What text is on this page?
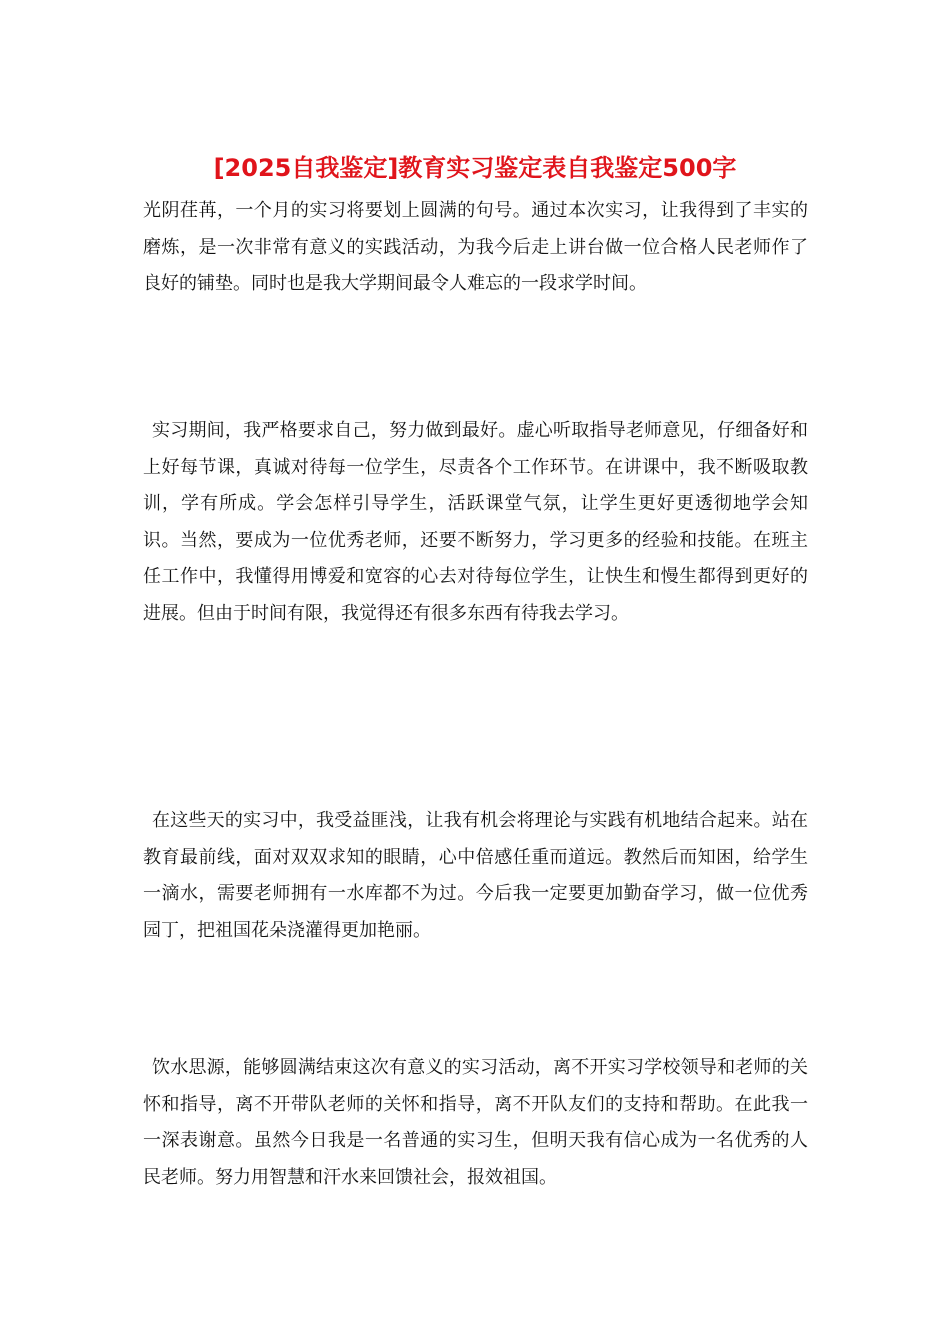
[2025自我鉴定]教育实习鉴定表自我鉴定500字

光阴荏苒，一个月的实习将要划上圆满的句号。通过本次实习，让我得到了丰实的磨炼，是一次非常有意义的实践活动，为我今后走上讲台做一位合格人民老师作了良好的铺垫。同时也是我大学期间最令人难忘的一段求学时间。

实习期间，我严格要求自己，努力做到最好。虚心听取指导老师意见，仔细备好和上好每节课，真诚对待每一位学生，尽责各个工作环节。在讲课中，我不断吸取教训，学有所成。学会怎样引导学生，活跃课堂气氛，让学生更好更透彻地学会知识。当然，要成为一位优秀老师，还要不断努力，学习更多的经验和技能。在班主任工作中，我懂得用博爱和宽容的心去对待每位学生，让快生和慢生都得到更好的进展。但由于时间有限，我觉得还有很多东西有待我去学习。

在这些天的实习中，我受益匪浅，让我有机会将理论与实践有机地结合起来。站在教育最前线，面对双双求知的眼睛，心中倍感任重而道远。教然后而知困，给学生一滴水，需要老师拥有一水库都不为过。今后我一定要更加勤奋学习，做一位优秀园丁，把祖国花朵浇灌得更加艳丽。

饮水思源，能够圆满结束这次有意义的实习活动，离不开实习学校领导和老师的关怀和指导，离不开带队老师的关怀和指导，离不开队友们的支持和帮助。在此我一一深表谢意。虽然今日我是一名普通的实习生，但明天我有信心成为一名优秀的人民老师。努力用智慧和汗水来回馈社会，报效祖国。
